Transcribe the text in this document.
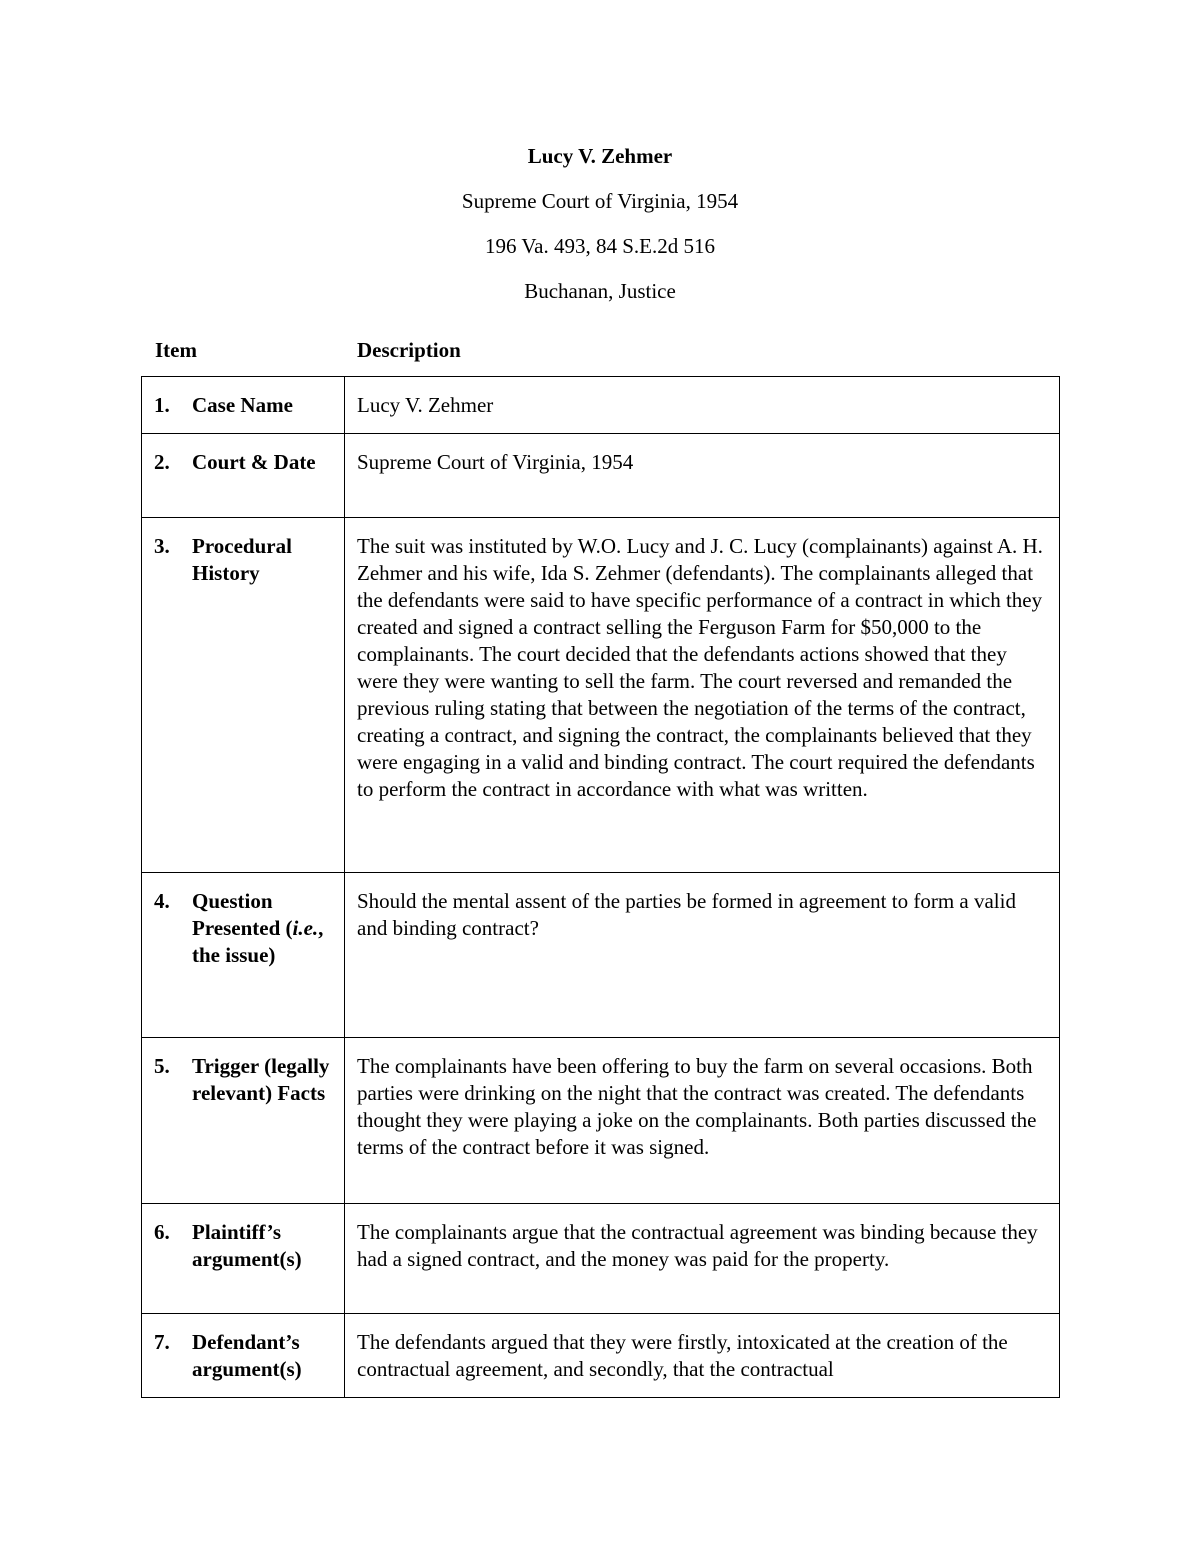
Lucy V. Zehmer
Supreme Court of Virginia, 1954
196 Va. 493, 84 S.E.2d 516
Buchanan, Justice
Item	Description
1. Case Name	Lucy V. Zehmer

2. Court & Date	Supreme Court of Virginia, 1954

3. Procedural History	The suit was instituted by W.O. Lucy and J. C. Lucy (complainants) against A. H. Zehmer and his wife, Ida S. Zehmer (defendants). The complainants alleged that the defendants were said to have specific performance of a contract in which they created and signed a contract selling the Ferguson Farm for $50,000 to the complainants. The court decided that the defendants actions showed that they were they were wanting to sell the farm. The court reversed and remanded the previous ruling stating that between the negotiation of the terms of the contract, creating a contract, and signing the contract, the complainants believed that they were engaging in a valid and binding contract. The court required the defendants to perform the contract in accordance with what was written.

4. Question Presented (i.e., the issue)	Should the mental assent of the parties be formed in agreement to form a valid and binding contract?

5. Trigger (legally relevant) Facts	The complainants have been offering to buy the farm on several occasions. Both parties were drinking on the night that the contract was created. The defendants thought they were playing a joke on the complainants. Both parties discussed the terms of the contract before it was signed.

6. Plaintiff’s argument(s)	The complainants argue that the contractual agreement was binding because they had a signed contract, and the money was paid for the property.

7. Defendant’s argument(s)	The defendants argued that they were firstly, intoxicated at the creation of the contractual agreement, and secondly, that the contractual
